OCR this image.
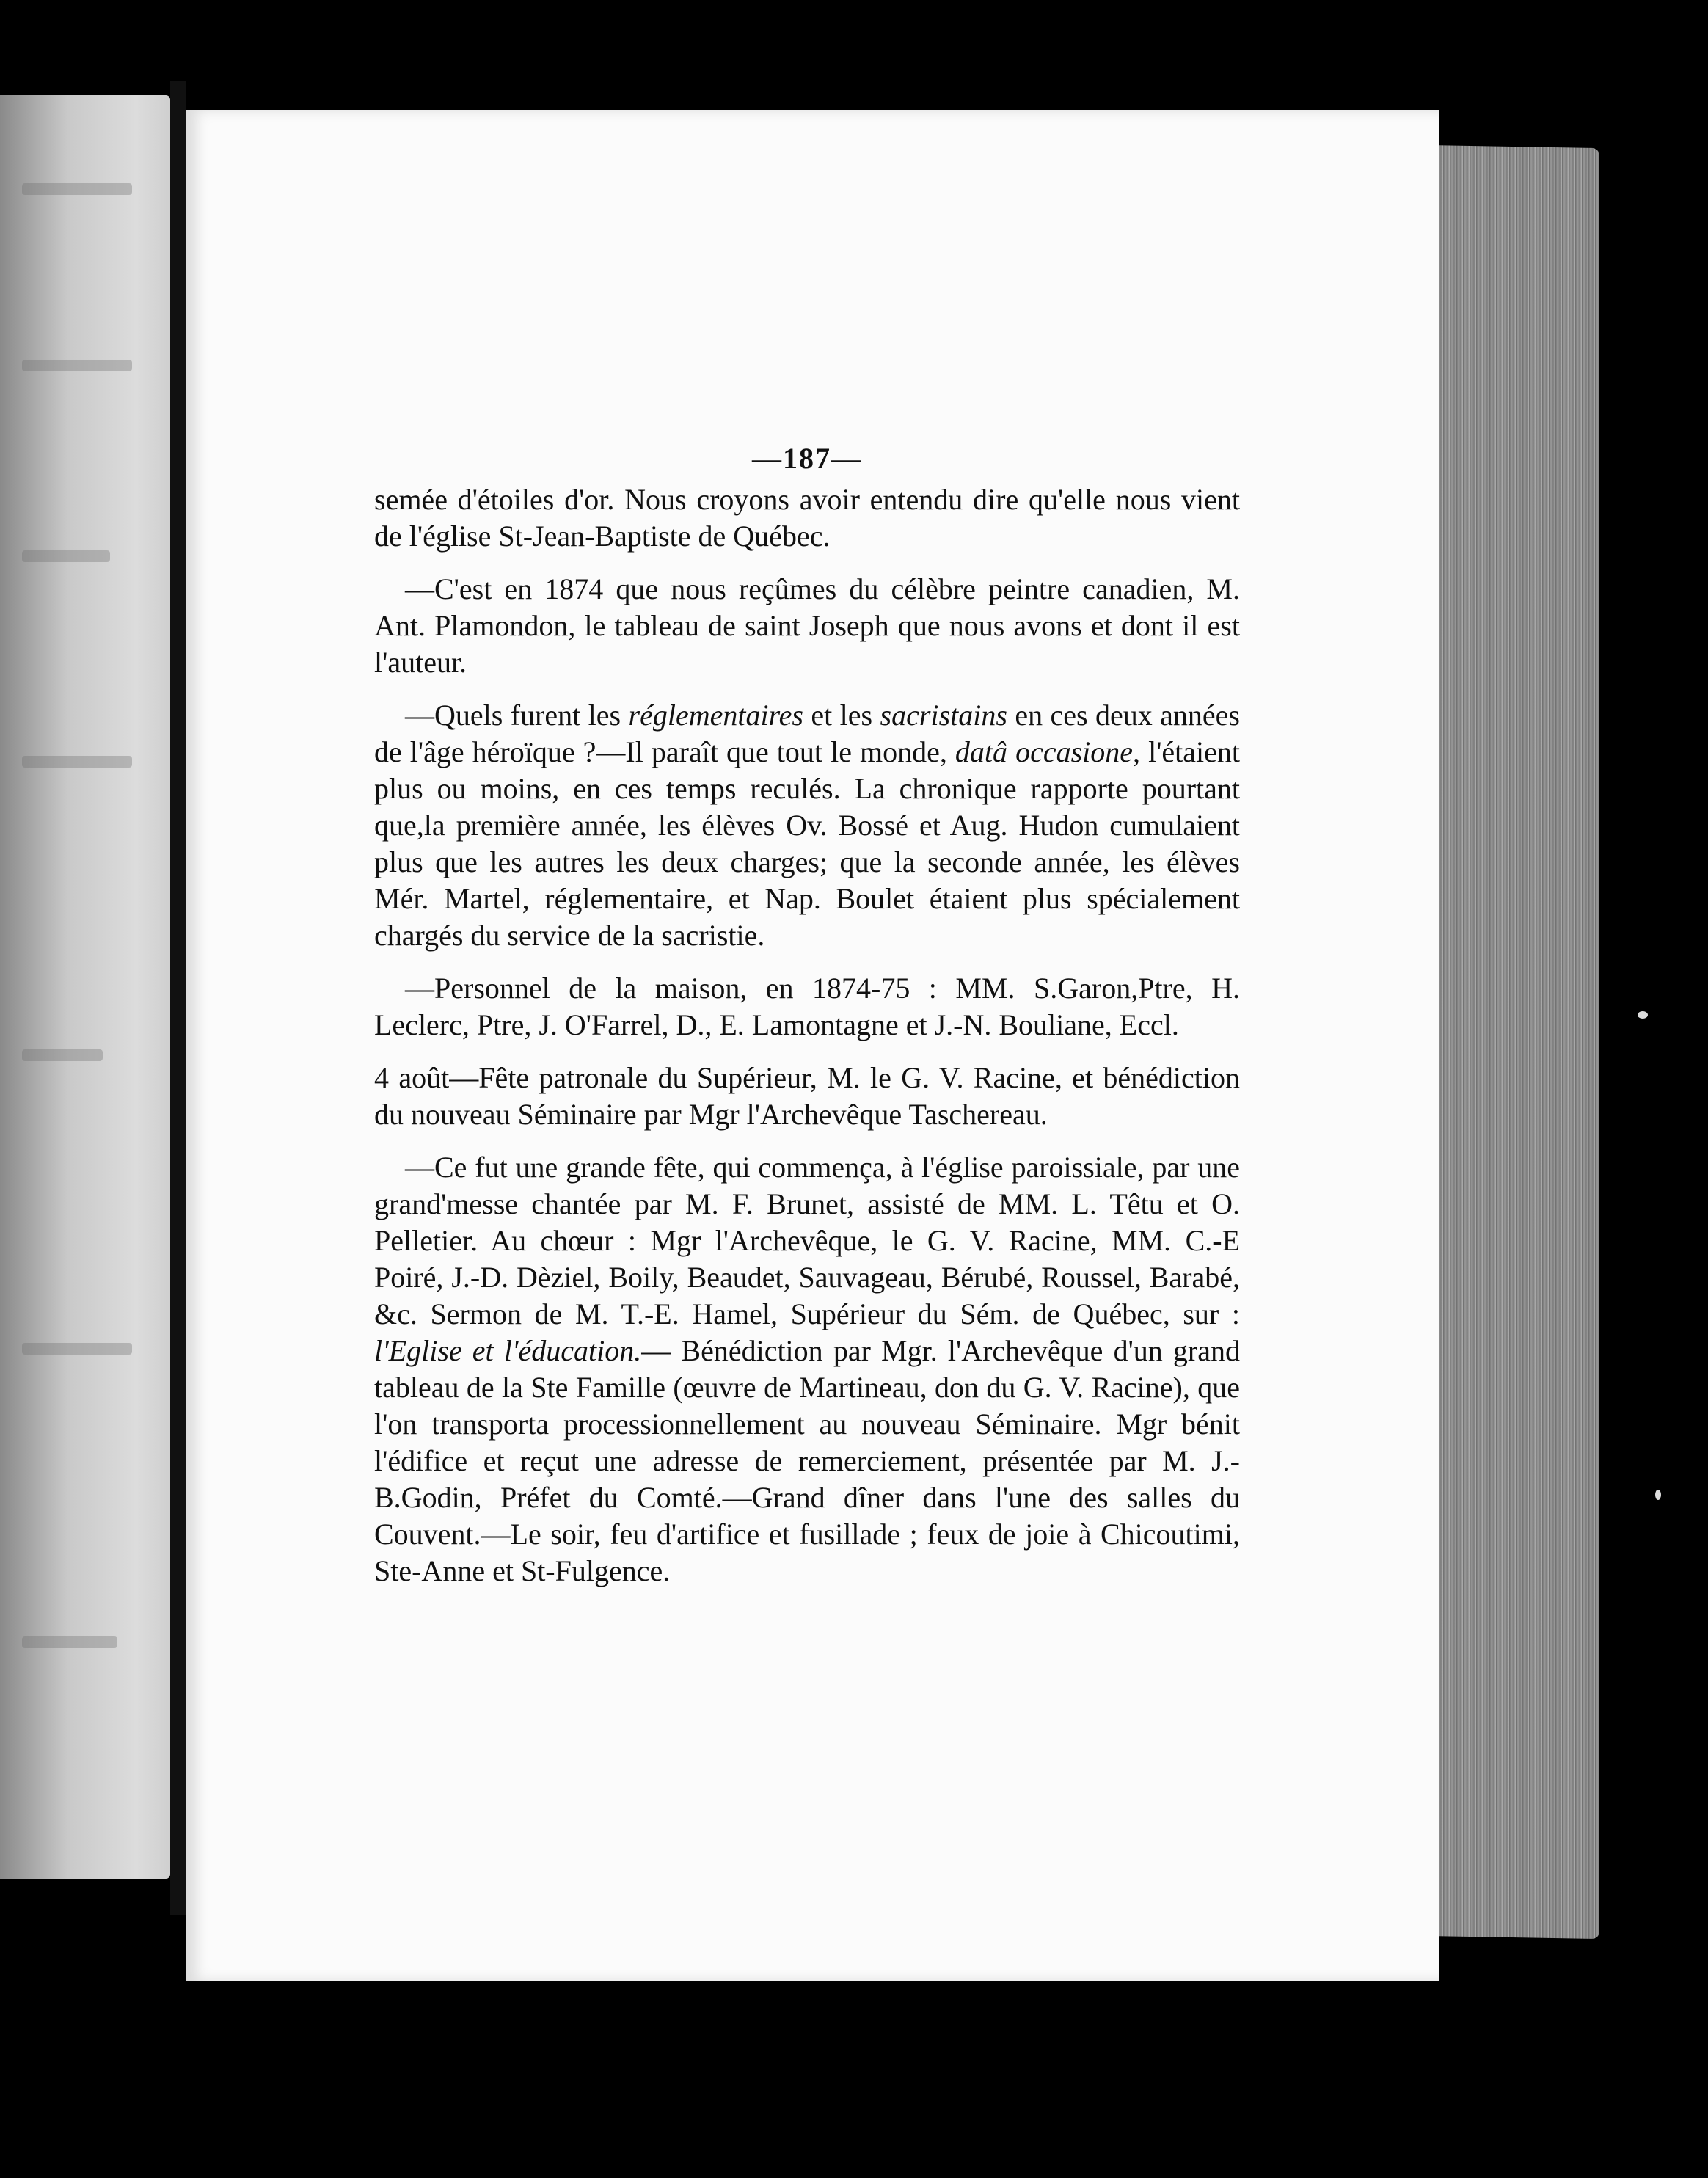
—187—

semée d'étoiles d'or. Nous croyons avoir entendu dire qu'elle nous vient de l'église St-Jean-Baptiste de Québec.

—C'est en 1874 que nous reçûmes du célèbre peintre canadien, M. Ant. Plamondon, le tableau de saint Joseph que nous avons et dont il est l'auteur.

—Quels furent les réglementaires et les sacristains en ces deux années de l'âge héroïque ?—Il paraît que tout le monde, datâ occasione, l'étaient plus ou moins, en ces temps reculés. La chronique rapporte pourtant que,la première année, les élèves Ov. Bossé et Aug. Hudon cumulaient plus que les autres les deux charges; que la seconde année, les élèves Mér. Martel, réglementaire, et Nap. Boulet étaient plus spécialement chargés du service de la sacristie.

—Personnel de la maison, en 1874-75 : MM. S.Garon,Ptre, H. Leclerc, Ptre, J. O'Farrel, D., E. Lamontagne et J.-N. Bouliane, Eccl.

4 août—Fête patronale du Supérieur, M. le G. V. Racine, et bénédiction du nouveau Séminaire par Mgr l'Archevêque Taschereau.

—Ce fut une grande fête, qui commença, à l'église paroissiale, par une grand'messe chantée par M. F. Brunet, assisté de MM. L. Têtu et O. Pelletier. Au chœur : Mgr l'Archevêque, le G. V. Racine, MM. C.-E Poiré, J.-D. Dèziel, Boily, Beaudet, Sauvageau, Bérubé, Roussel, Barabé, &c. Sermon de M. T.-E. Hamel, Supérieur du Sém. de Québec, sur : l'Eglise et l'éducation.— Bénédiction par Mgr. l'Archevêque d'un grand tableau de la Ste Famille (œuvre de Martineau, don du G. V. Racine), que l'on transporta processionnellement au nouveau Séminaire. Mgr bénit l'édifice et reçut une adresse de remerciement, présentée par M. J.-B.Godin, Préfet du Comté.—Grand dîner dans l'une des salles du Couvent.—Le soir, feu d'artifice et fusillade ; feux de joie à Chicoutimi, Ste-Anne et St-Fulgence.
